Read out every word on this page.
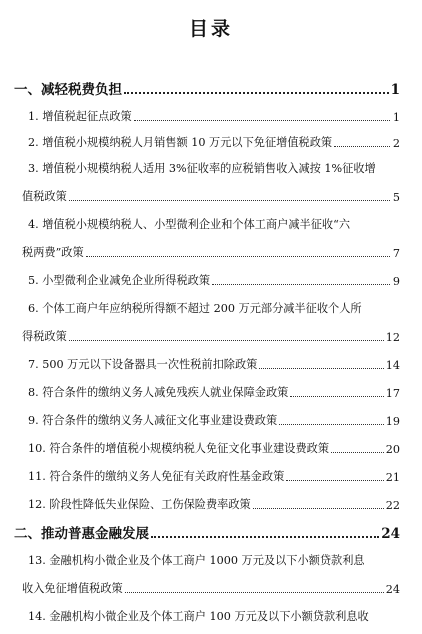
目录
一、减轻税费负担	1
1. 增值税起征点政策	1
2. 增值税小规模纳税人月销售额 10 万元以下免征增值税政策	2
3. 增值税小规模纳税人适用 3%征收率的应税销售收入减按 1%征收增
值税政策	5
4. 增值税小规模纳税人、小型微利企业和个体工商户减半征收“六
税两费”政策	7
5. 小型微利企业减免企业所得税政策	9
6. 个体工商户年应纳税所得额不超过 200 万元部分减半征收个人所
得税政策	12
7. 500 万元以下设备器具一次性税前扣除政策	14
8. 符合条件的缴纳义务人减免残疾人就业保障金政策	17
9. 符合条件的缴纳义务人减征文化事业建设费政策	19
10. 符合条件的增值税小规模纳税人免征文化事业建设费政策	20
11. 符合条件的缴纳义务人免征有关政府性基金政策	21
12. 阶段性降低失业保险、工伤保险费率政策	22
二、推动普惠金融发展	24
13. 金融机构小微企业及个体工商户 1000 万元及以下小额贷款利息
收入免征增值税政策	24
14. 金融机构小微企业及个体工商户 100 万元及以下小额贷款利息收
